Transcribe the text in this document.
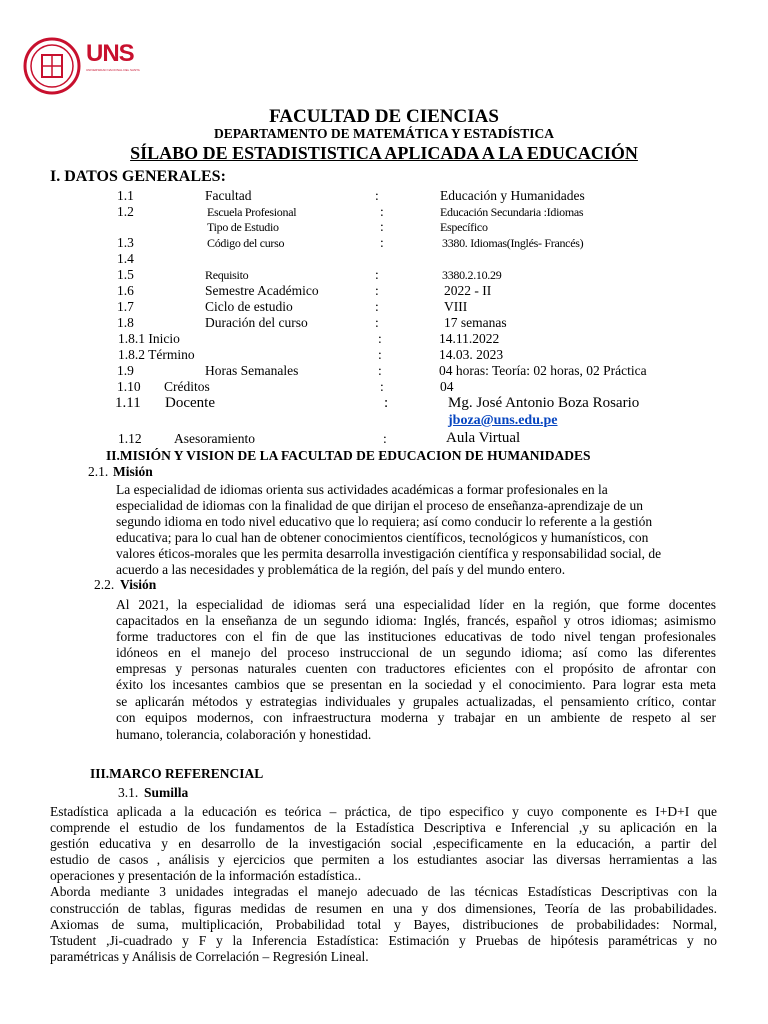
UNS
UNIVERSIDAD NACIONAL DEL SANTA
FACULTAD DE CIENCIAS
DEPARTAMENTO DE MATEMÁTICA Y ESTADÍSTICA
SÍLABO DE ESTADISTISTICA APLICADA A LA EDUCACIÓN
I. DATOS GENERALES:
1.1	Facultad	:	Educación y Humanidades
1.2	Escuela Profesional	:	Educación Secundaria :Idiomas
Tipo de Estudio	:	Específico
1.3	Código del curso	:	3380. Idiomas(Inglés- Francés)
1.4
1.5	Requisito	:	3380.2.10.29
1.6	Semestre Académico	:	2022 - II
1.7	Ciclo de estudio	:	VIII
1.8	Duración del curso	:	17 semanas
1.8.1 Inicio	:	14.11.2022
1.8.2 Término	:	14.03. 2023
1.9	Horas Semanales	:	04 horas: Teoría: 02 horas, 02 Práctica
1.10 Créditos	:	04
1.11 Docente	:	Mg. José Antonio Boza Rosario
jboza@uns.edu.pe
1.12 Asesoramiento	:	Aula Virtual
II.MISIÓN Y VISION DE LA FACULTAD DE EDUCACION DE HUMANIDADES
2.1. Misión
La especialidad de idiomas orienta sus actividades académicas a formar profesionales en la
especialidad de idiomas con la finalidad de que dirijan el proceso de enseñanza-aprendizaje de un
segundo idioma en todo nivel educativo que lo requiera; así como conducir lo referente a la gestión
educativa; para lo cual han de obtener conocimientos científicos, tecnológicos y humanísticos, con
valores éticos-morales que les permita desarrolla investigación científica y responsabilidad social, de
acuerdo a las necesidades y problemática de la región, del país y del mundo entero.
2.2. Visión
Al 2021, la especialidad de idiomas será una especialidad líder en la región, que forme docentes
capacitados en la enseñanza de un segundo idioma: Inglés, francés, español y otros idiomas; asimismo
forme traductores con el fin de que las instituciones educativas de todo nivel tengan profesionales
idóneos en el manejo del proceso instruccional de un segundo idioma; así como las diferentes
empresas y personas naturales cuenten con traductores eficientes con el propósito de afrontar con
éxito los incesantes cambios que se presentan en la sociedad y el conocimiento. Para lograr esta meta
se aplicarán métodos y estrategias individuales y grupales actualizadas, el pensamiento crítico, contar
con equipos modernos, con infraestructura moderna y trabajar en un ambiente de respeto al ser
humano, tolerancia, colaboración y honestidad.
III.MARCO REFERENCIAL
3.1. Sumilla
Estadística aplicada a la educación es teórica – práctica, de tipo especifico y cuyo componente es I+D+I que
comprende el estudio de los fundamentos de la Estadística Descriptiva e Inferencial ,y su aplicación en la
gestión educativa y en desarrollo de la investigación social ,especificamente en la educación, a partir del
estudio de casos , análisis y ejercicios que permiten a los estudiantes asociar las diversas herramientas a las
operaciones y presentación de la información estadística..
Aborda mediante 3 unidades integradas el manejo adecuado de las técnicas Estadísticas Descriptivas con la
construcción de tablas, figuras medidas de resumen en una y dos dimensiones, Teoría de las probabilidades.
Axiomas de suma, multiplicación, Probabilidad total y Bayes, distribuciones de probabilidades: Normal,
Tstudent ,Ji-cuadrado y F y la Inferencia Estadística: Estimación y Pruebas de hipótesis paramétricas y no
paramétricas y Análisis de Correlación – Regresión Lineal.
